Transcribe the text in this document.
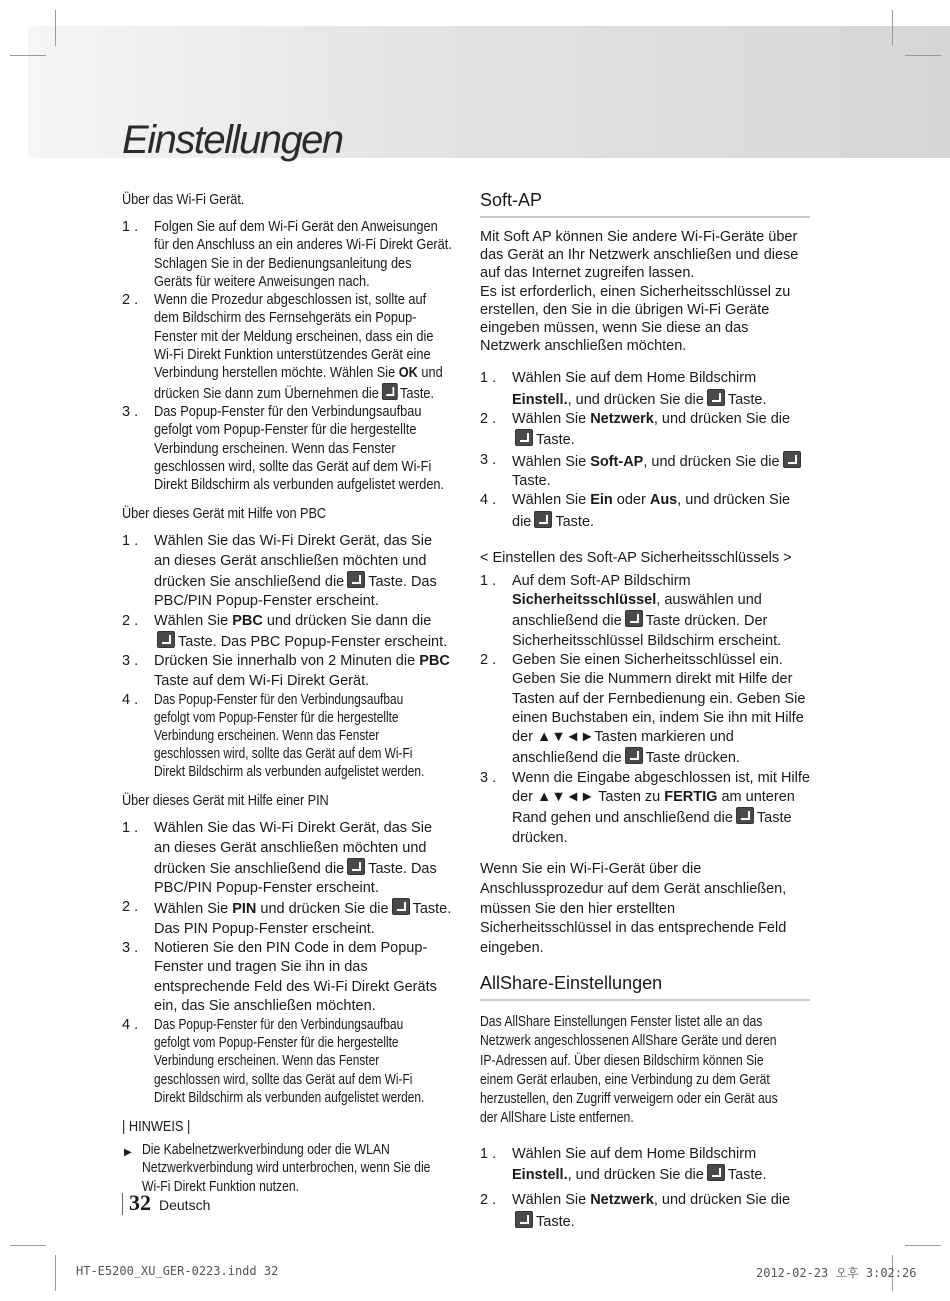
Einstellungen
Über das Wi-Fi Gerät.
1 . Folgen Sie auf dem Wi-Fi Gerät den Anweisungen für den Anschluss an ein anderes Wi-Fi Direkt Gerät. Schlagen Sie in der Bedienungsanleitung des Geräts für weitere Anweisungen nach.
2 . Wenn die Prozedur abgeschlossen ist, sollte auf dem Bildschirm des Fernsehgeräts ein Popup-Fenster mit der Meldung erscheinen, dass ein die Wi-Fi Direkt Funktion unterstützendes Gerät eine Verbindung herstellen möchte. Wählen Sie OK und drücken Sie dann zum Übernehmen die Taste.
3 . Das Popup-Fenster für den Verbindungsaufbau gefolgt vom Popup-Fenster für die hergestellte Verbindung erscheinen. Wenn das Fenster geschlossen wird, sollte das Gerät auf dem Wi-Fi Direkt Bildschirm als verbunden aufgelistet werden.
Über dieses Gerät mit Hilfe von PBC
1 . Wählen Sie das Wi-Fi Direkt Gerät, das Sie an dieses Gerät anschließen möchten und drücken Sie anschließend die Taste. Das PBC/PIN Popup-Fenster erscheint.
2 . Wählen Sie PBC und drücken Sie dann dieTaste. Das PBC Popup-Fenster erscheint.
3 . Drücken Sie innerhalb von 2 Minuten die PBC Taste auf dem Wi-Fi Direkt Gerät.
4 . Das Popup-Fenster für den Verbindungsaufbau gefolgt vom Popup-Fenster für die hergestellte Verbindung erscheinen. Wenn das Fenster geschlossen wird, sollte das Gerät auf dem Wi-Fi Direkt Bildschirm als verbunden aufgelistet werden.
Über dieses Gerät mit Hilfe einer PIN
1 . Wählen Sie das Wi-Fi Direkt Gerät, das Sie an dieses Gerät anschließen möchten und drücken Sie anschließend die Taste. Das PBC/PIN Popup-Fenster erscheint.
2 . Wählen Sie PIN und drücken Sie die Taste. Das PIN Popup-Fenster erscheint.
3 . Notieren Sie den PIN Code in dem Popup-Fenster und tragen Sie ihn in das entsprechende Feld des Wi-Fi Direkt Geräts ein, das Sie anschließen möchten.
4 . Das Popup-Fenster für den Verbindungsaufbau gefolgt vom Popup-Fenster für die hergestellte Verbindung erscheinen. Wenn das Fenster geschlossen wird, sollte das Gerät auf dem Wi-Fi Direkt Bildschirm als verbunden aufgelistet werden.
| HINWEIS |
▶ Die Kabelnetzwerkverbindung oder die WLAN Netzwerkverbindung wird unterbrochen, wenn Sie die Wi-Fi Direkt Funktion nutzen.
Soft-AP

Mit Soft AP können Sie andere Wi-Fi-Geräte über das Gerät an Ihr Netzwerk anschließen und diese auf das Internet zugreifen lassen.

Es ist erforderlich, einen Sicherheitsschlüssel zu erstellen, den Sie in die übrigen Wi-Fi Geräte eingeben müssen, wenn Sie diese an das Netzwerk anschließen möchten.

1 . Wählen Sie auf dem Home Bildschirm Einstell., und drücken Sie die Taste.
2 . Wählen Sie Netzwerk, und drücken Sie dieTaste.
3 . Wählen Sie Soft-AP, und drücken Sie dieTaste.
4 . Wählen Sie Ein oder Aus, und drücken Sie die Taste.
< Einstellen des Soft-AP Sicherheitsschlüssels >
1 . Auf dem Soft-AP Bildschirm Sicherheitsschlüssel, auswählen und anschließend die Taste drücken. Der Sicherheitsschlüssel Bildschirm erscheint.
2 . Geben Sie einen Sicherheitsschlüssel ein. Geben Sie die Nummern direkt mit Hilfe der Tasten auf der Fernbedienung ein. Geben Sie einen Buchstaben ein, indem Sie ihn mit Hilfe der ▲▼◄►Tasten markieren und anschließend die Taste drücken.
3 . Wenn die Eingabe abgeschlossen ist, mit Hilfe der ▲▼◄► Tasten zu FERTIG am unteren Rand gehen und anschließend die Taste drücken.

Wenn Sie ein Wi-Fi-Gerät über die Anschlussprozedur auf dem Gerät anschließen, müssen Sie den hier erstellten Sicherheitsschlüssel in das entsprechende Feld eingeben.

AllShare-Einstellungen

Das AllShare Einstellungen Fenster listet alle an das Netzwerk angeschlossenen AllShare Geräte und deren IP-Adressen auf. Über diesen Bildschirm können Sie einem Gerät erlauben, eine Verbindung zu dem Gerät herzustellen, den Zugriff verweigern oder ein Gerät aus der AllShare Liste entfernen.

1 . Wählen Sie auf dem Home Bildschirm Einstell., und drücken Sie die Taste.
2 . Wählen Sie Netzwerk, und drücken Sie dieTaste.
32 Deutsch
HT-E5200_XU_GER-0223.indd 32	2012-02-23 오후 3:02:26
